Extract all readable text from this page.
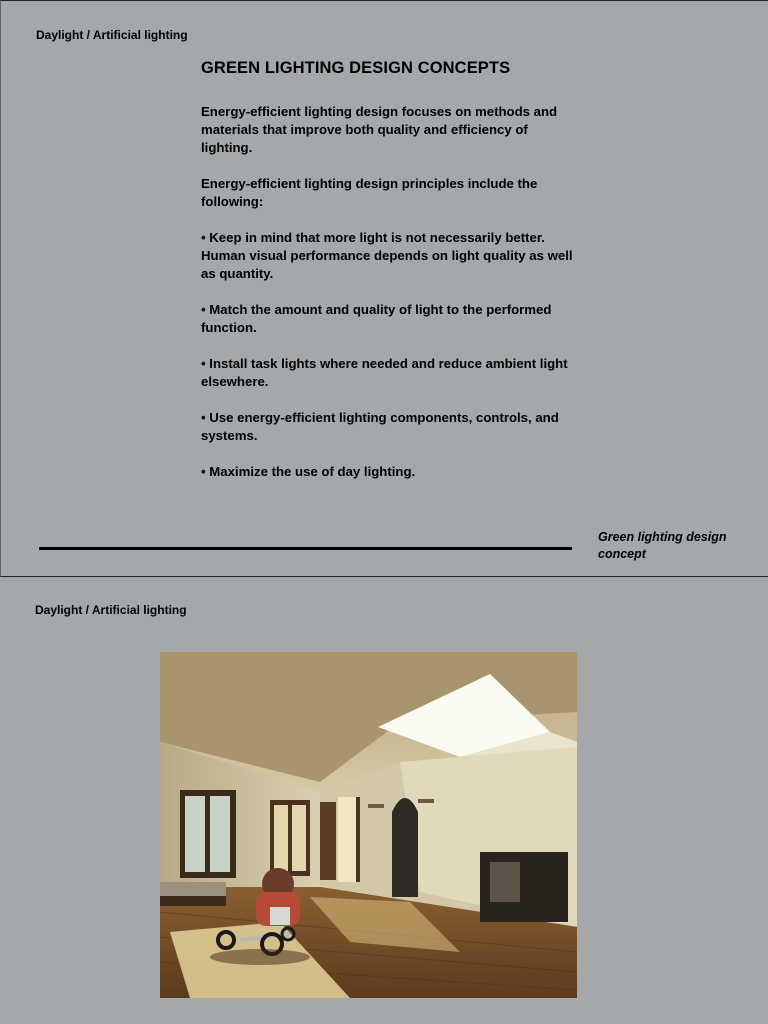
Daylight / Artificial lighting
GREEN LIGHTING DESIGN CONCEPTS

Energy-efficient lighting design focuses on methods and materials that improve both quality and efficiency of lighting.

Energy-efficient lighting design principles include the following:

• Keep in mind that more light is not necessarily better. Human visual performance depends on light quality as well as quantity.

• Match the amount and quality of light to the performed function.

• Install task lights where needed and reduce ambient light elsewhere.

• Use energy-efficient lighting components, controls, and systems.

• Maximize the use of day lighting.

Green lighting design concept
Daylight / Artificial lighting
